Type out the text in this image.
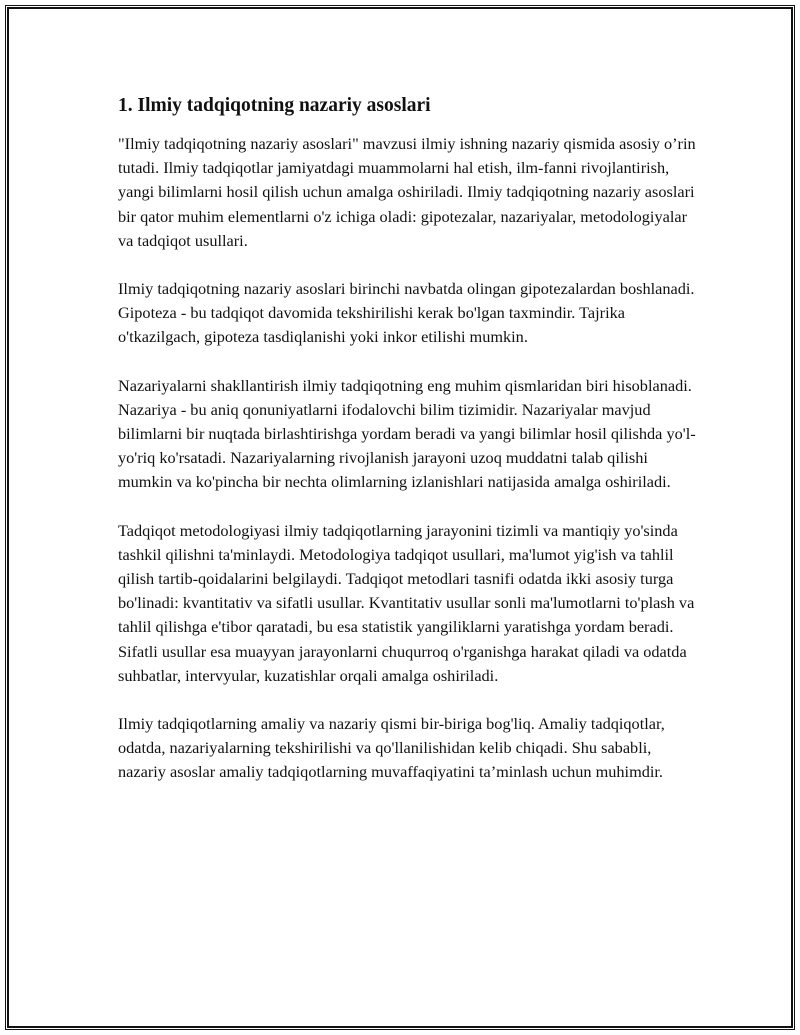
1. Ilmiy tadqiqotning nazariy asoslari

"Ilmiy tadqiqotning nazariy asoslari" mavzusi ilmiy ishning nazariy qismida asosiy o’rin tutadi. Ilmiy tadqiqotlar jamiyatdagi muammolarni hal etish, ilm-fanni rivojlantirish, yangi bilimlarni hosil qilish uchun amalga oshiriladi. Ilmiy tadqiqotning nazariy asoslari bir qator muhim elementlarni o'z ichiga oladi: gipotezalar, nazariyalar, metodologiyalar va tadqiqot usullari.

Ilmiy tadqiqotning nazariy asoslari birinchi navbatda olingan gipotezalardan boshlanadi. Gipoteza - bu tadqiqot davomida tekshirilishi kerak bo'lgan taxmindir. Tajrika o'tkazilgach, gipoteza tasdiqlanishi yoki inkor etilishi mumkin.

Nazariyalarni shakllantirish ilmiy tadqiqotning eng muhim qismlaridan biri hisoblanadi. Nazariya - bu aniq qonuniyatlarni ifodalovchi bilim tizimidir. Nazariyalar mavjud bilimlarni bir nuqtada birlashtirishga yordam beradi va yangi bilimlar hosil qilishda yo'l-yo'riq ko'rsatadi. Nazariyalarning rivojlanish jarayoni uzoq muddatni talab qilishi mumkin va ko'pincha bir nechta olimlarning izlanishlari natijasida amalga oshiriladi.

Tadqiqot metodologiyasi ilmiy tadqiqotlarning jarayonini tizimli va mantiqiy yo'sinda tashkil qilishni ta'minlaydi. Metodologiya tadqiqot usullari, ma'lumot yig'ish va tahlil qilish tartib-qoidalarini belgilaydi. Tadqiqot metodlari tasnifi odatda ikki asosiy turga bo'linadi: kvantitativ va sifatli usullar. Kvantitativ usullar sonli ma'lumotlarni to'plash va tahlil qilishga e'tibor qaratadi, bu esa statistik yangiliklarni yaratishga yordam beradi. Sifatli usullar esa muayyan jarayonlarni chuqurroq o'rganishga harakat qiladi va odatda suhbatlar, intervyular, kuzatishlar orqali amalga oshiriladi.

Ilmiy tadqiqotlarning amaliy va nazariy qismi bir-biriga bog'liq. Amaliy tadqiqotlar, odatda, nazariyalarning tekshirilishi va qo'llanilishidan kelib chiqadi. Shu sababli, nazariy asoslar amaliy tadqiqotlarning muvaffaqiyatini ta’minlash uchun muhimdir.
